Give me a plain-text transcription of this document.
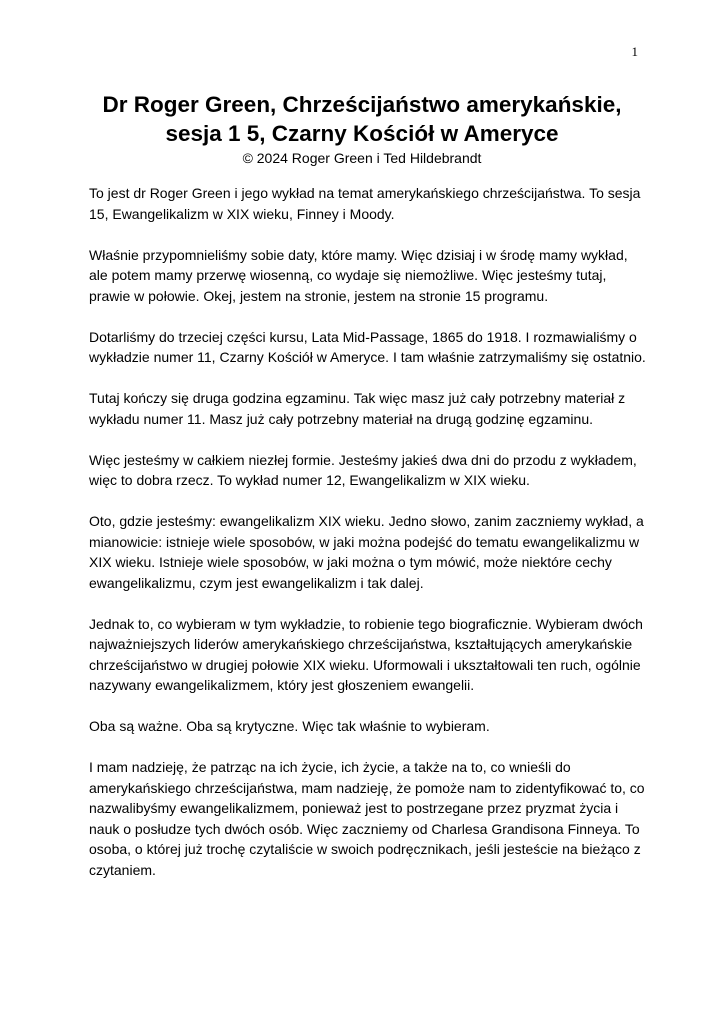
1
Dr Roger Green, Chrześcijaństwo amerykańskie,
sesja 1 5, Czarny Kościół w Ameryce
© 2024 Roger Green i Ted Hildebrandt

To jest dr Roger Green i jego wykład na temat amerykańskiego chrześcijaństwa. To sesja 15, Ewangelikalizm w XIX wieku, Finney i Moody.

Właśnie przypomnieliśmy sobie daty, które mamy. Więc dzisiaj i w środę mamy wykład, ale potem mamy przerwę wiosenną, co wydaje się niemożliwe. Więc jesteśmy tutaj, prawie w połowie. Okej, jestem na stronie, jestem na stronie 15 programu.

Dotarliśmy do trzeciej części kursu, Lata Mid-Passage, 1865 do 1918. I rozmawialiśmy o wykładzie numer 11, Czarny Kościół w Ameryce. I tam właśnie zatrzymaliśmy się ostatnio.

Tutaj kończy się druga godzina egzaminu. Tak więc masz już cały potrzebny materiał z wykładu numer 11. Masz już cały potrzebny materiał na drugą godzinę egzaminu.

Więc jesteśmy w całkiem niezłej formie. Jesteśmy jakieś dwa dni do przodu z wykładem, więc to dobra rzecz. To wykład numer 12, Ewangelikalizm w XIX wieku.

Oto, gdzie jesteśmy: ewangelikalizm XIX wieku. Jedno słowo, zanim zaczniemy wykład, a mianowicie: istnieje wiele sposobów, w jaki można podejść do tematu ewangelikalizmu w XIX wieku. Istnieje wiele sposobów, w jaki można o tym mówić, może niektóre cechy ewangelikalizmu, czym jest ewangelikalizm i tak dalej.

Jednak to, co wybieram w tym wykładzie, to robienie tego biograficznie. Wybieram dwóch najważniejszych liderów amerykańskiego chrześcijaństwa, kształtujących amerykańskie chrześcijaństwo w drugiej połowie XIX wieku. Uformowali i ukształtowali ten ruch, ogólnie nazywany ewangelikalizmem, który jest głoszeniem ewangelii.

Oba są ważne. Oba są krytyczne. Więc tak właśnie to wybieram.

I mam nadzieję, że patrząc na ich życie, ich życie, a także na to, co wnieśli do amerykańskiego chrześcijaństwa, mam nadzieję, że pomoże nam to zidentyfikować to, co nazwalibyśmy ewangelikalizmem, ponieważ jest to postrzegane przez pryzmat życia i nauk o posłudze tych dwóch osób. Więc zaczniemy od Charlesa Grandisona Finneya. To osoba, o której już trochę czytaliście w swoich podręcznikach, jeśli jesteście na bieżąco z czytaniem.
